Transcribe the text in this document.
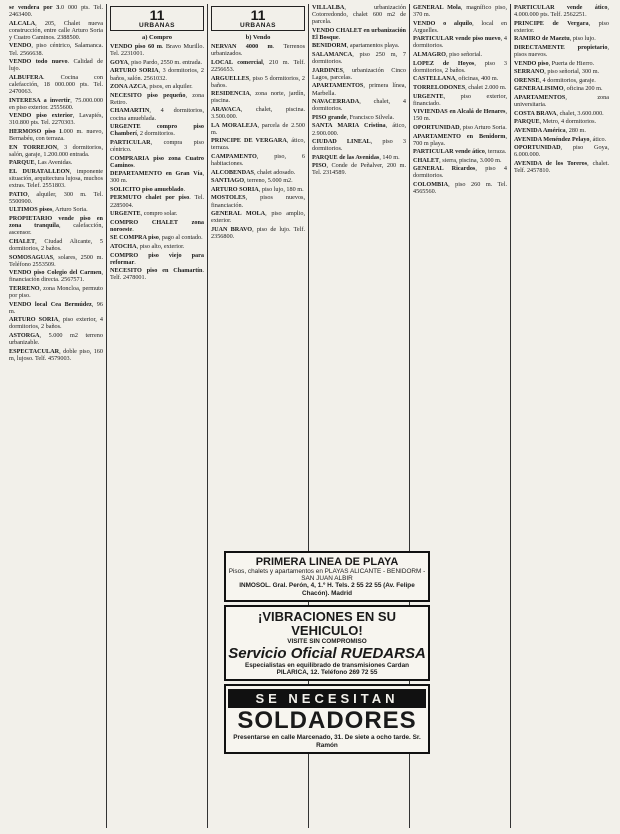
se vendera por 3.0 000 pts. Tel. 2463400.

ALCALA, 205, Chalet nueva construcción, entre calle Arturo Soria y Cuatro Caminos. 2388500.

VENDO, piso céntrico, Salamanca. Tel. 2566638.

VENDO todo nuevo. Calidad de lujo.

ALBUFERA. Cocina con calefacción, 18 000.000 pts. Tel. 2470063.

INTERESA a invertir, 75.000.000 en piso exterior. 2555600.

VENDO piso exterior, Lavapiés, 310.800 pts. Tel. 2270303.

HERMOSO piso 1.000 m. nuevo, Bernabéu, con terraza.

EN TORREJON, 3 dormitorios, salón, garaje, 1.200.000 entrada.

PARQUE, Las Avenidas.

EL DURATALLEON, imponente situación, arquitectura lujosa, muchos extras. Telef. 2551803.

PATIO, alquiler, 300 m. Tel. 5500900.

ULTIMOS pisos, Arturo Soria.

PROPIETARIO vende piso en zona tranquila, calefacción, ascensor.

CHALET, Ciudad Alicante, 5 dormitorios, 2 baños.

SOMOSAGUAS, solares, 2500 m. Teléfono 2553509.

VENDO piso Colegio del Carmen, financiación directa. 2567571.

TERRENO, zona Moncloa, permuto por piso.

VENDO local Cea Bermúdez, 96 m.

ARTURO SORIA, piso exterior, 4 dormitorios, 2 baños.

ASTORGA, 5.000 m2 terreno urbanizable.

ESPECTACULAR, doble piso, 160 m, lujoso. Telf. 4579003.

11
URBANAS
a) Compro

VENDO piso 60 m. Bravo Murillo. Tel. 2231001.

GOYA, piso Pardo, 2550 m. entrada.

ARTURO SORIA, 3 dormitorios, 2 baños, salón. 2561032.

ZONA AZCA, pisos, en alquiler.

NECESITO piso pequeño, zona Retiro.

CHAMARTIN, 4 dormitorios, cocina amueblada.

URGENTE compro piso Chamberí, 2 dormitorios.

PARTICULAR, compra piso céntrico.

COMPRARIA piso zona Cuatro Caminos.

DEPARTAMENTO en Gran Vía, 300 m.

SOLICITO piso amueblado.

PERMUTO chalet por piso. Tel. 2285004.

URGENTE, compro solar.

COMPRO CHALET zona noroeste.

SE COMPRA piso, pago al contado.

ATOCHA, piso alto, exterior.

COMPRO piso viejo para reformar.

NECESITO piso en Chamartín. Telf. 2478001.

11
URBANAS
b) Vendo

NERVAN 4000 m. Terrenos urbanizados.

LOCAL comercial, 210 m. Telf. 2256653.

ARGUELLES, piso 5 dormitorios, 2 baños.

RESIDENCIA, zona norte, jardín, piscina.

ARAVACA, chalet, piscina. 3.500.000.

LA MORALEJA, parcela de 2.500 m.

PRINCIPE DE VERGARA, ático, terraza.

CAMPAMENTO, piso, 6 habitaciones.

ALCOBENDAS, chalet adosado.

SANTIAGO, terreno, 5.000 m2.

ARTURO SORIA, piso lujo, 180 m.

MOSTOLES, pisos nuevos, financiación.

GENERAL MOLA, piso amplio, exterior.

JUAN BRAVO, piso de lujo. Telf. 2356800.

VILLALBA, urbanización Cotorredondo, chalet 600 m2 de parcela.

VENDO CHALET en urbanización El Bosque.

BENIDORM, apartamentos playa.

SALAMANCA, piso 250 m, 7 dormitorios.

JARDINES, urbanización Cinco Lagos, parcelas.

APARTAMENTOS, primera línea, Marbella.

NAVACERRADA, chalet, 4 dormitorios.

PISO grande, Francisco Silvela.

SANTA MARIA Cristina, ático, 2.900.000.

CIUDAD LINEAL, piso 3 dormitorios.

PARQUE de las Avenidas, 140 m.

PISO, Conde de Peñalver, 200 m. Tel. 2314589.

GENERAL Mola, magnífico piso, 370 m.

VENDO o alquilo, local en Arguelles.

PARTICULAR vende piso nuevo, 4 dormitorios.

ALMAGRO, piso señorial.

LOPEZ de Hoyos, piso 3 dormitorios, 2 baños.

CASTELLANA, oficinas, 400 m.

TORRELODONES, chalet 2.000 m.

URGENTE, piso exterior, financiado.

VIVIENDAS en Alcalá de Henares, 150 m.

OPORTUNIDAD, piso Arturo Soria.

APARTAMENTO en Benidorm, 700 m playa.

PARTICULAR vende ático, terraza.

CHALET, sierra, piscina, 3.000 m.

GENERAL Ricardos, piso 4 dormitorios.

COLOMBIA, piso 260 m. Tel. 4565560.

PARTICULAR vende ático, 4.000.000 pts. Telf. 2562251.

PRINCIPE de Vergara, piso exterior.

RAMIRO de Maeztu, piso lujo.

DIRECTAMENTE propietario, pisos nuevos.

VENDO piso, Puerta de Hierro.

SERRANO, piso señorial, 300 m.

ORENSE, 4 dormitorios, garaje.

GENERALISIMO, oficina 200 m.

APARTAMENTOS, zona universitaria.

COSTA BRAVA, chalet, 3.600.000.

PARQUE, Metro, 4 dormitorios.

AVENIDA América, 280 m.

AVENIDA Menéndez Pelayo, ático.

OPORTUNIDAD, piso Goya, 6.000.000.

AVENIDA de los Toreros, chalet. Telf. 2457810.

PRIMERA LINEA DE PLAYA
Pisos, chalets y apartamentos en PLAYAS ALICANTE - BENIDORM - SAN JUAN ALBIR
INMOSOL. Gral. Perón, 4, 1.º H. Tels. 2 55 22 55 (Av. Felipe Chacón). Madrid
¡VIBRACIONES EN SU VEHICULO!
VISITE SIN COMPROMISO
Servicio Oficial RUEDARSA
Especialistas en equilibrado de transmisiones Cardan
PILARICA, 12. Teléfono 269 72 55
SE NECESITAN
SOLDADORES
Presentarse en calle Marcenado, 31. De siete a ocho tarde. Sr. Ramón
